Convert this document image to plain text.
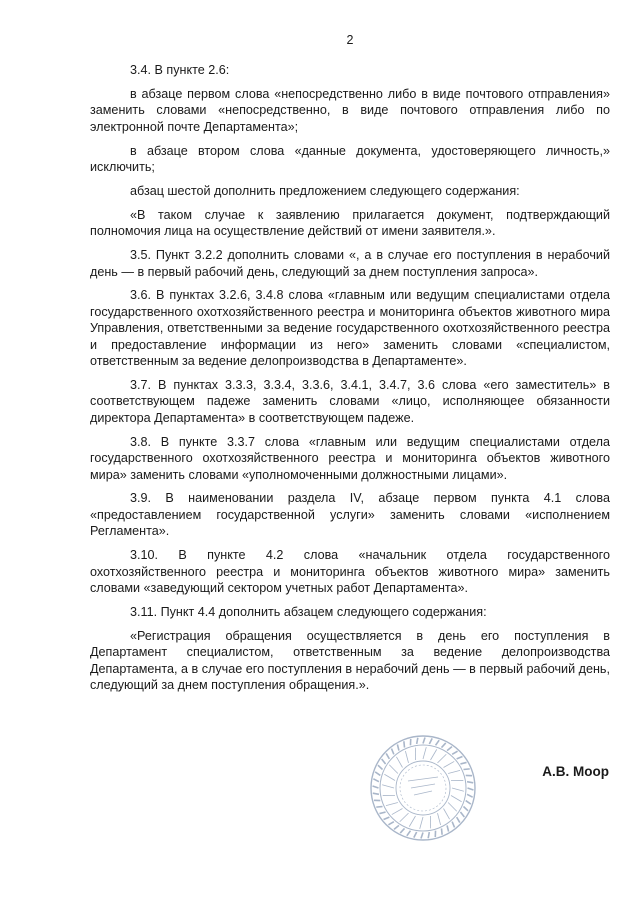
2

3.4. В пункте 2.6:

в абзаце первом слова «непосредственно либо в виде почтового отправления» заменить словами «непосредственно, в виде почтового отправления либо по электронной почте Департамента»;

в абзаце втором слова «данные документа, удостоверяющего личность,» исключить;

абзац шестой дополнить предложением следующего содержания:

«В таком случае к заявлению прилагается документ, подтверждающий полномочия лица на осуществление действий от имени заявителя.».

3.5. Пункт 3.2.2 дополнить словами «, а в случае его поступления в нерабочий день — в первый рабочий день, следующий за днем поступления запроса».

3.6. В пунктах 3.2.6, 3.4.8 слова «главным или ведущим специалистами отдела государственного охотхозяйственного реестра и мониторинга объектов животного мира Управления, ответственными за ведение государственного охотхозяйственного реестра и предоставление информации из него» заменить словами «специалистом, ответственным за ведение делопроизводства в Департаменте».

3.7. В пунктах 3.3.3, 3.3.4, 3.3.6, 3.4.1, 3.4.7, 3.6 слова «его заместитель» в соответствующем падеже заменить словами «лицо, исполняющее обязанности директора Департамента» в соответствующем падеже.

3.8. В пункте 3.3.7 слова «главным или ведущим специалистами отдела государственного охотхозяйственного реестра и мониторинга объектов животного мира» заменить словами «уполномоченными должностными лицами».

3.9. В наименовании раздела IV, абзаце первом пункта 4.1 слова «предоставлением государственной услуги» заменить словами «исполнением Регламента».

3.10. В пункте 4.2 слова «начальник отдела государственного охотхозяйственного реестра и мониторинга объектов животного мира» заменить словами «заведующий сектором учетных работ Департамента».

3.11. Пункт 4.4 дополнить абзацем следующего содержания:

«Регистрация обращения осуществляется в день его поступления в Департамент специалистом, ответственным за ведение делопроизводства Департамента, а в случае его поступления в нерабочий день — в первый рабочий день, следующий за днем поступления обращения.».

А.В. Моор
